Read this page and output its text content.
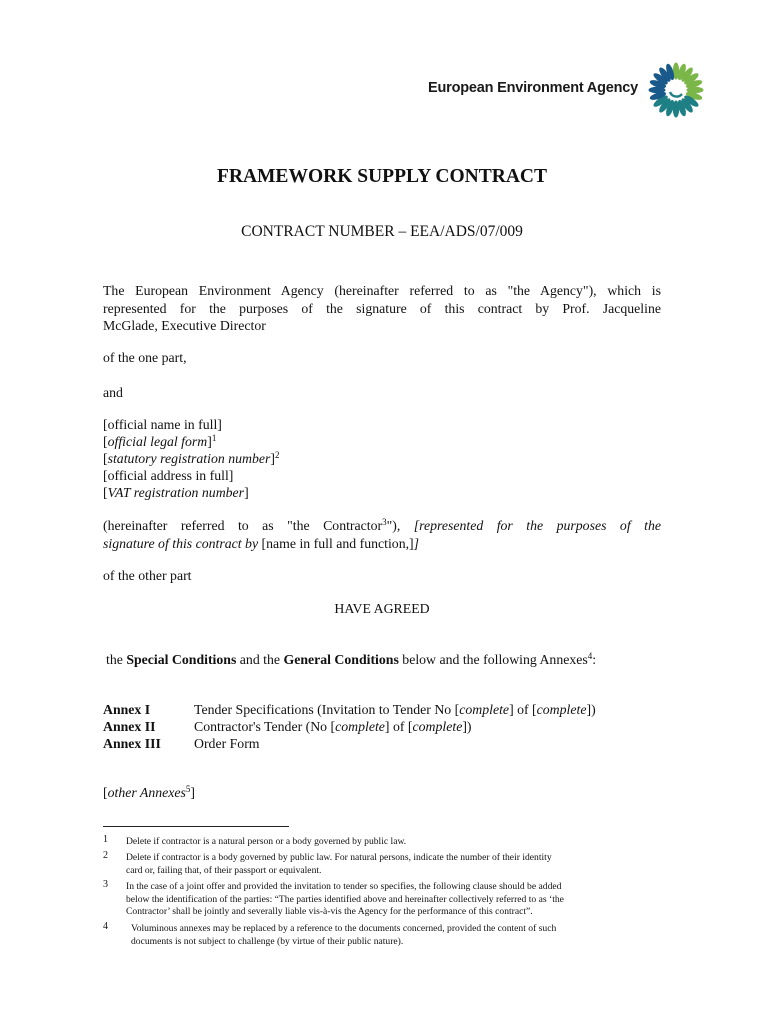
European Environment Agency
FRAMEWORK SUPPLY CONTRACT
CONTRACT NUMBER – EEA/ADS/07/009
The European Environment Agency (hereinafter referred to as "the Agency"), which is
represented for the purposes of the signature of this contract by Prof. Jacqueline
McGlade, Executive Director
of the one part,
and
[official name in full]
[official legal form]$^1$
[statutory registration number]$^2$
[official address in full]
[VAT registration number]
(hereinafter referred to as "the Contractor$^3$"), [represented for the purposes of the
signature of this contract by [name in full and function,]]
of the other part
HAVE AGREED
the Special Conditions and the General Conditions below and the following Annexes$^4$:
Annex I	Tender Specifications (Invitation to Tender No [complete] of [complete])
Annex II	Contractor's Tender (No [complete] of [complete])
Annex III Order Form
[other Annexes$^5$]
1 Delete if contractor is a natural person or a body governed by public law.
2 Delete if contractor is a body governed by public law. For natural persons, indicate the number of their identity
card or, failing that, of their passport or equivalent.
3 In the case of a joint offer and provided the invitation to tender so specifies, the following clause should be added
below the identification of the parties: “The parties identified above and hereinafter collectively referred to as ‘the
Contractor’ shall be jointly and severally liable vis-à-vis the Agency for the performance of this contract”.
4 Voluminous annexes may be replaced by a reference to the documents concerned, provided the content of such
documents is not subject to challenge (by virtue of their public nature).
